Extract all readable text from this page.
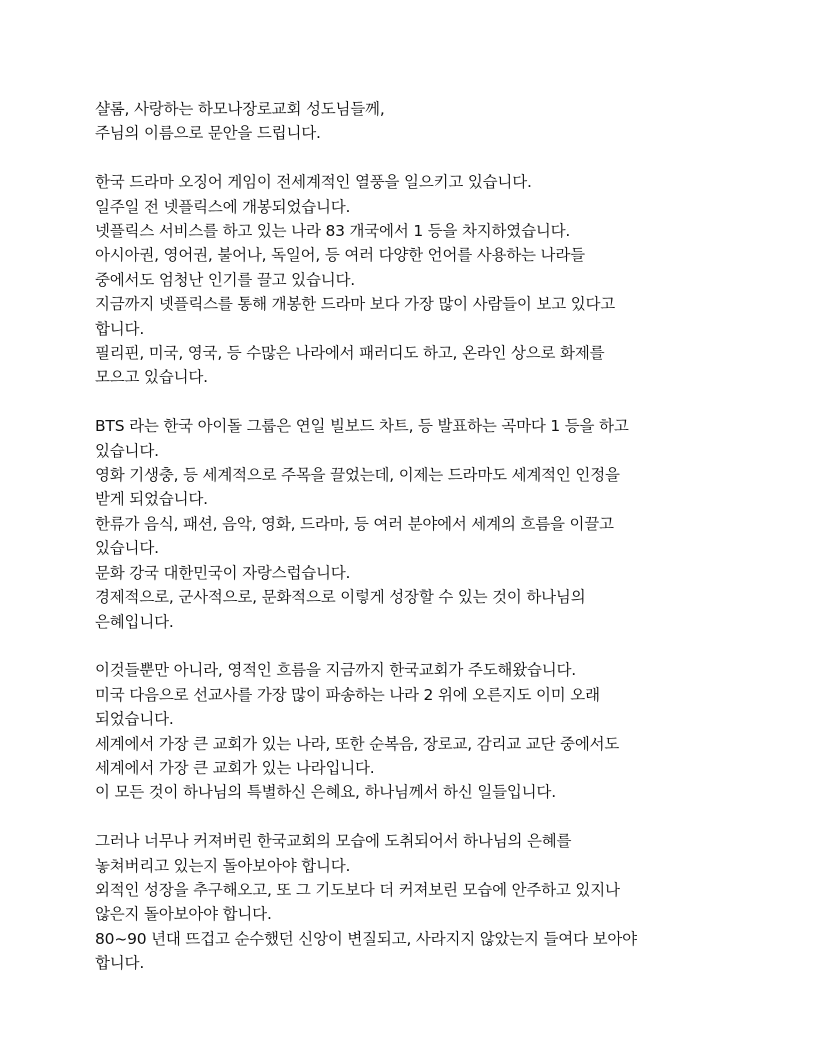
샬롬, 사랑하는 하모나장로교회 성도님들께,
주님의 이름으로 문안을 드립니다.

한국 드라마 오징어 게임이 전세계적인 열풍을 일으키고 있습니다.
일주일 전 넷플릭스에 개봉되었습니다.
넷플릭스 서비스를 하고 있는 나라 83 개국에서 1 등을 차지하였습니다.
아시아권, 영어권, 불어나, 독일어, 등 여러 다양한 언어를 사용하는 나라들
중에서도 엄청난 인기를 끌고 있습니다.
지금까지 넷플릭스를 통해 개봉한 드라마 보다 가장 많이 사람들이 보고 있다고
합니다.
필리핀, 미국, 영국, 등 수많은 나라에서 패러디도 하고, 온라인 상으로 화제를
모으고 있습니다.

BTS 라는 한국 아이돌 그룹은 연일 빌보드 차트, 등 발표하는 곡마다 1 등을 하고
있습니다.
영화 기생충, 등 세계적으로 주목을 끌었는데, 이제는 드라마도 세계적인 인정을
받게 되었습니다.
한류가 음식, 패션, 음악, 영화, 드라마, 등 여러 분야에서 세계의 흐름을 이끌고
있습니다.
문화 강국 대한민국이 자랑스럽습니다.
경제적으로, 군사적으로, 문화적으로 이렇게 성장할 수 있는 것이 하나님의
은혜입니다.

이것들뿐만 아니라, 영적인 흐름을 지금까지 한국교회가 주도해왔습니다.
미국 다음으로 선교사를 가장 많이 파송하는 나라 2 위에 오른지도 이미 오래
되었습니다.
세계에서 가장 큰 교회가 있는 나라, 또한 순복음, 장로교, 감리교 교단 중에서도
세계에서 가장 큰 교회가 있는 나라입니다.
이 모든 것이 하나님의 특별하신 은혜요, 하나님께서 하신 일들입니다.

그러나 너무나 커져버린 한국교회의 모습에 도취되어서 하나님의 은혜를
놓쳐버리고 있는지 돌아보아야 합니다.
외적인 성장을 추구해오고, 또 그 기도보다 더 커져보린 모습에 안주하고 있지나
않은지 돌아보아야 합니다.
80~90 년대 뜨겁고 순수했던 신앙이 변질되고, 사라지지 않았는지 들여다 보아야
합니다.
